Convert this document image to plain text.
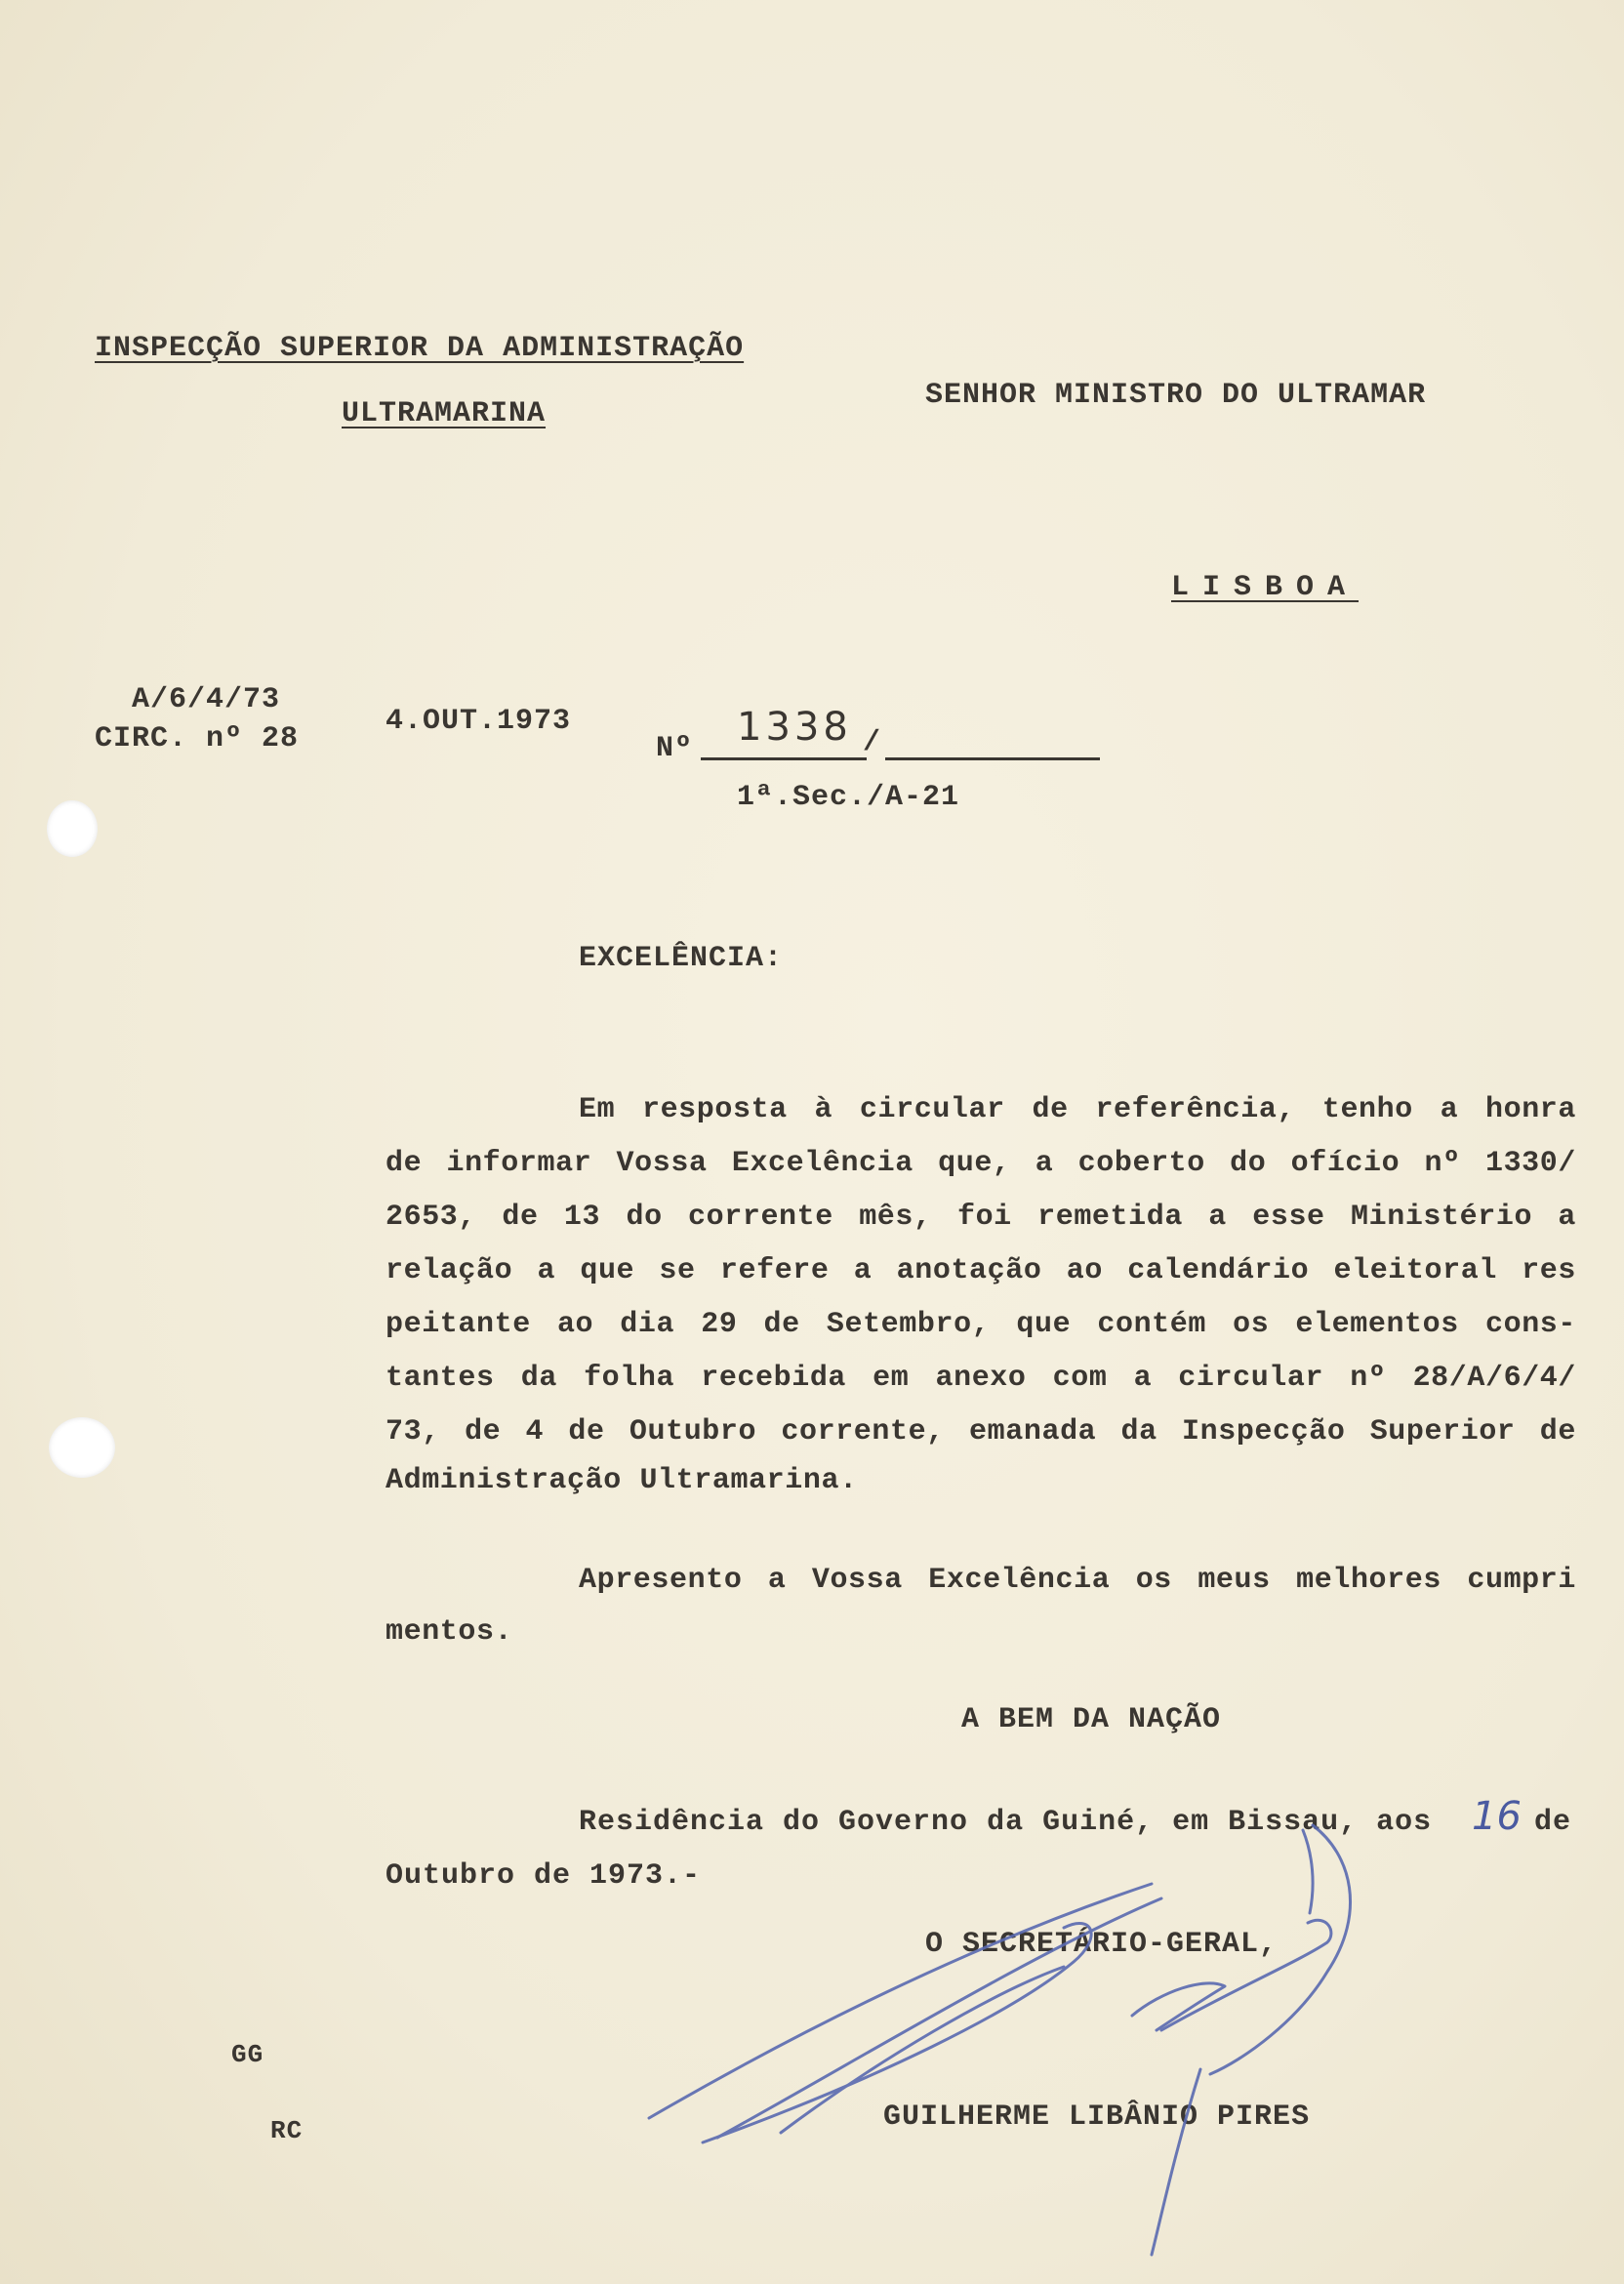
INSPECÇÃO SUPERIOR DA ADMINISTRAÇÃO
ULTRAMARINA
SENHOR MINISTRO DO ULTRAMAR
LISBOA
A/6/4/73
CIRC. nº 28
4.OUT.1973
Nº 1338 /
1ª.Sec./A-21
EXCELÊNCIA:
Em resposta à circular de referência, tenho a honra
de informar Vossa Excelência que, a coberto do ofício nº 1330/
2653, de 13 do corrente mês, foi remetida a esse Ministério a
relação a que se refere a anotação ao calendário eleitoral res
peitante ao dia 29 de Setembro, que contém os elementos cons-
tantes da folha recebida em anexo com a circular nº 28/A/6/4/
73, de 4 de Outubro corrente, emanada da Inspecção Superior de
Administração Ultramarina.
Apresento a Vossa Excelência os meus melhores cumpri
mentos.
A BEM DA NAÇÃO
Residência do Governo da Guiné, em Bissau, aos 16 de
Outubro de 1973.-
O SECRETÁRIO-GERAL,
GUILHERME LIBÂNIO PIRES
GG
RC
